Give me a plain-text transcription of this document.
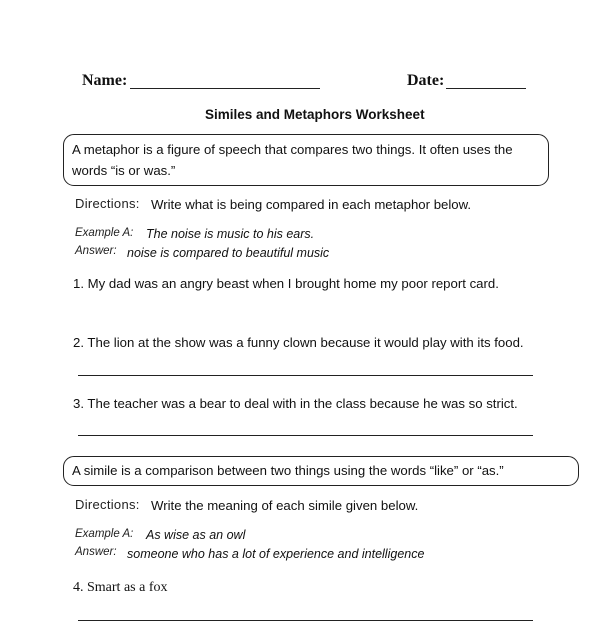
Name:	Date:
Similes and Metaphors Worksheet
A metaphor is a figure of speech that compares two things. It often uses the
words “is or was.”
Directions: Write what is being compared in each metaphor below.
Example A: The noise is music to his ears.
Answer: noise is compared to beautiful music
1. My dad was an angry beast when I brought home my poor report card.
2. The lion at the show was a funny clown because it would play with its food.
3. The teacher was a bear to deal with in the class because he was so strict.
A simile is a comparison between two things using the words “like” or “as.”
Directions: Write the meaning of each simile given below.
Example A: As wise as an owl
Answer: someone who has a lot of experience and intelligence
4. Smart as a fox
